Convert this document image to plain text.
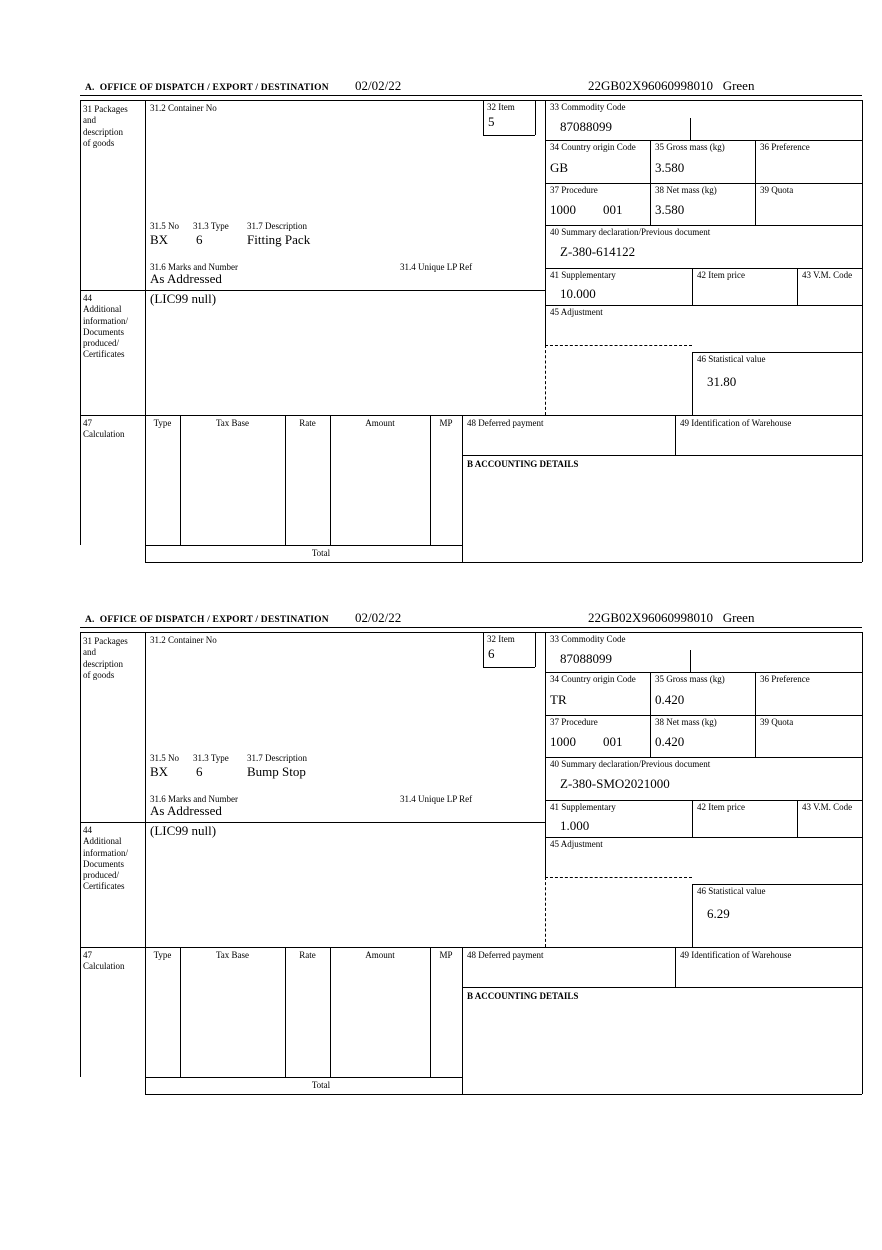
A.  OFFICE OF DISPATCH / EXPORT / DESTINATION 02/02/22	22GB02X96060998010   Green
31 Packages
and
description
of goods
44
Additional
information/
Documents
produced/
Certificates
47
Calculation
31.2 Container No	32 Item
5
31.5 No 31.3 Type 31.7 Description
BX 6	Fitting Pack
31.6 Marks and Number	31.4 Unique LP Ref
As Addressed
(LIC99 null)
33 Commodity Code
87088099
34 Country origin Code 35 Gross mass (kg)	36 Preference
GB	3.580
37 Procedure	38 Net mass (kg)	39 Quota
1000 001	3.580
40 Summary declaration/Previous document
Z-380-614122
41 Supplementary	42 Item price	43 V.M. Code
10.000
45 Adjustment
46 Statistical value
31.80
Type	Tax Base	Rate	Amount	MP
Total
48 Deferred payment	49 Identification of Warehouse
B ACCOUNTING DETAILS
A.  OFFICE OF DISPATCH / EXPORT / DESTINATION 02/02/22	22GB02X96060998010   Green
31 Packages
and
description
of goods
44
Additional
information/
Documents
produced/
Certificates
47
Calculation
31.2 Container No	32 Item
6
31.5 No 31.3 Type 31.7 Description
BX 6	Bump Stop
31.6 Marks and Number	31.4 Unique LP Ref
As Addressed
(LIC99 null)
33 Commodity Code
87088099
34 Country origin Code 35 Gross mass (kg)	36 Preference
TR	0.420
37 Procedure	38 Net mass (kg)	39 Quota
1000 001	0.420
40 Summary declaration/Previous document
Z-380-SMO2021000
41 Supplementary	42 Item price	43 V.M. Code
1.000
45 Adjustment
46 Statistical value
6.29
Type	Tax Base	Rate	Amount	MP
Total
48 Deferred payment	49 Identification of Warehouse
B ACCOUNTING DETAILS
